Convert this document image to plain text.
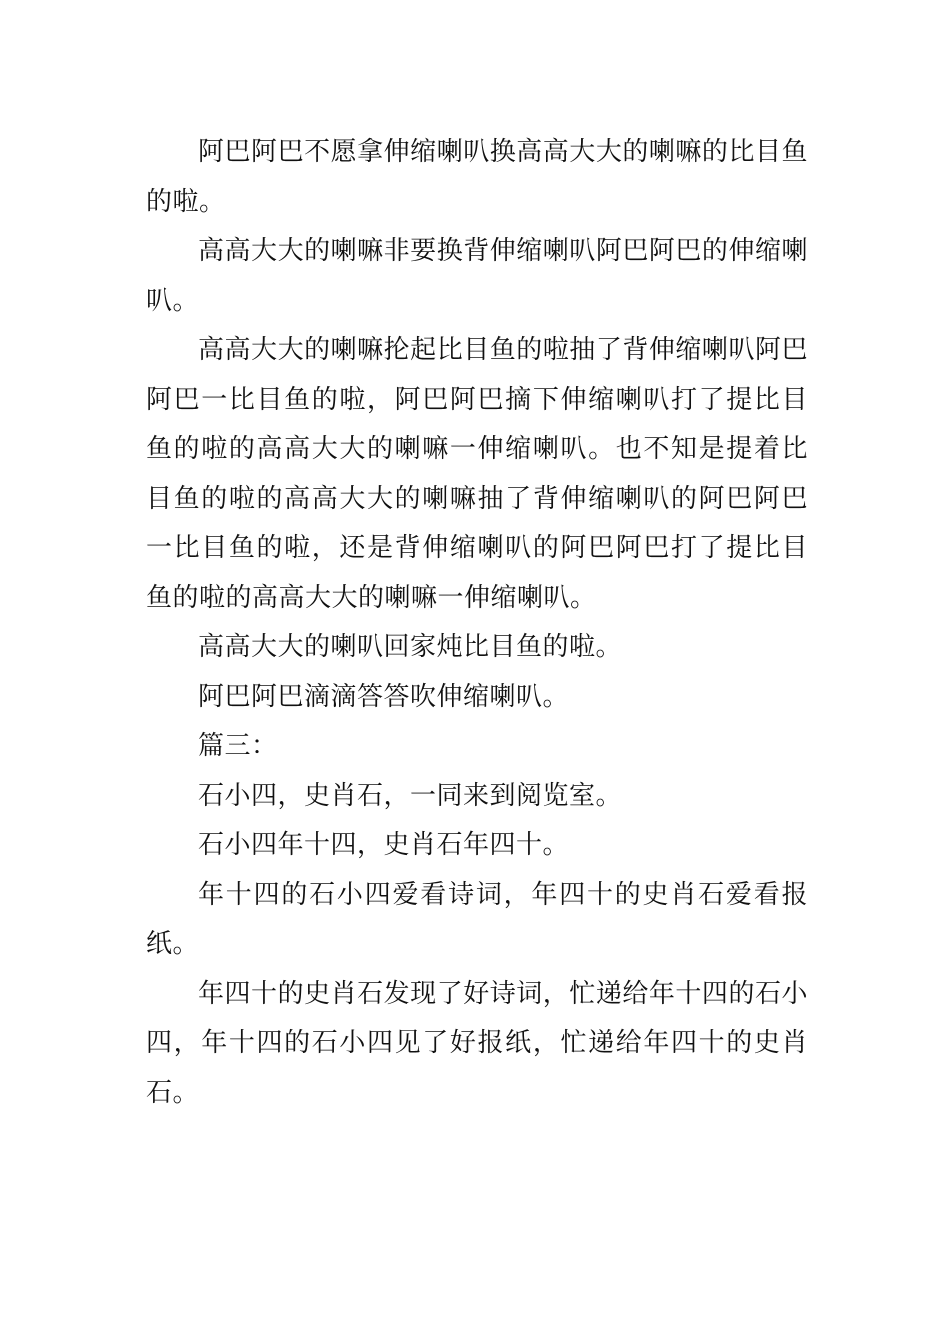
阿巴阿巴不愿拿伸缩喇叭换高高大大的喇嘛的比目鱼的啦。

高高大大的喇嘛非要换背伸缩喇叭阿巴阿巴的伸缩喇叭。

高高大大的喇嘛抡起比目鱼的啦抽了背伸缩喇叭阿巴阿巴一比目鱼的啦，阿巴阿巴摘下伸缩喇叭打了提比目鱼的啦的高高大大的喇嘛一伸缩喇叭。也不知是提着比目鱼的啦的高高大大的喇嘛抽了背伸缩喇叭的阿巴阿巴一比目鱼的啦，还是背伸缩喇叭的阿巴阿巴打了提比目鱼的啦的高高大大的喇嘛一伸缩喇叭。

高高大大的喇叭回家炖比目鱼的啦。

阿巴阿巴滴滴答答吹伸缩喇叭。

篇三：

石小四，史肖石，一同来到阅览室。

石小四年十四，史肖石年四十。

年十四的石小四爱看诗词，年四十的史肖石爱看报纸。

年四十的史肖石发现了好诗词，忙递给年十四的石小四，年十四的石小四见了好报纸，忙递给年四十的史肖石。
